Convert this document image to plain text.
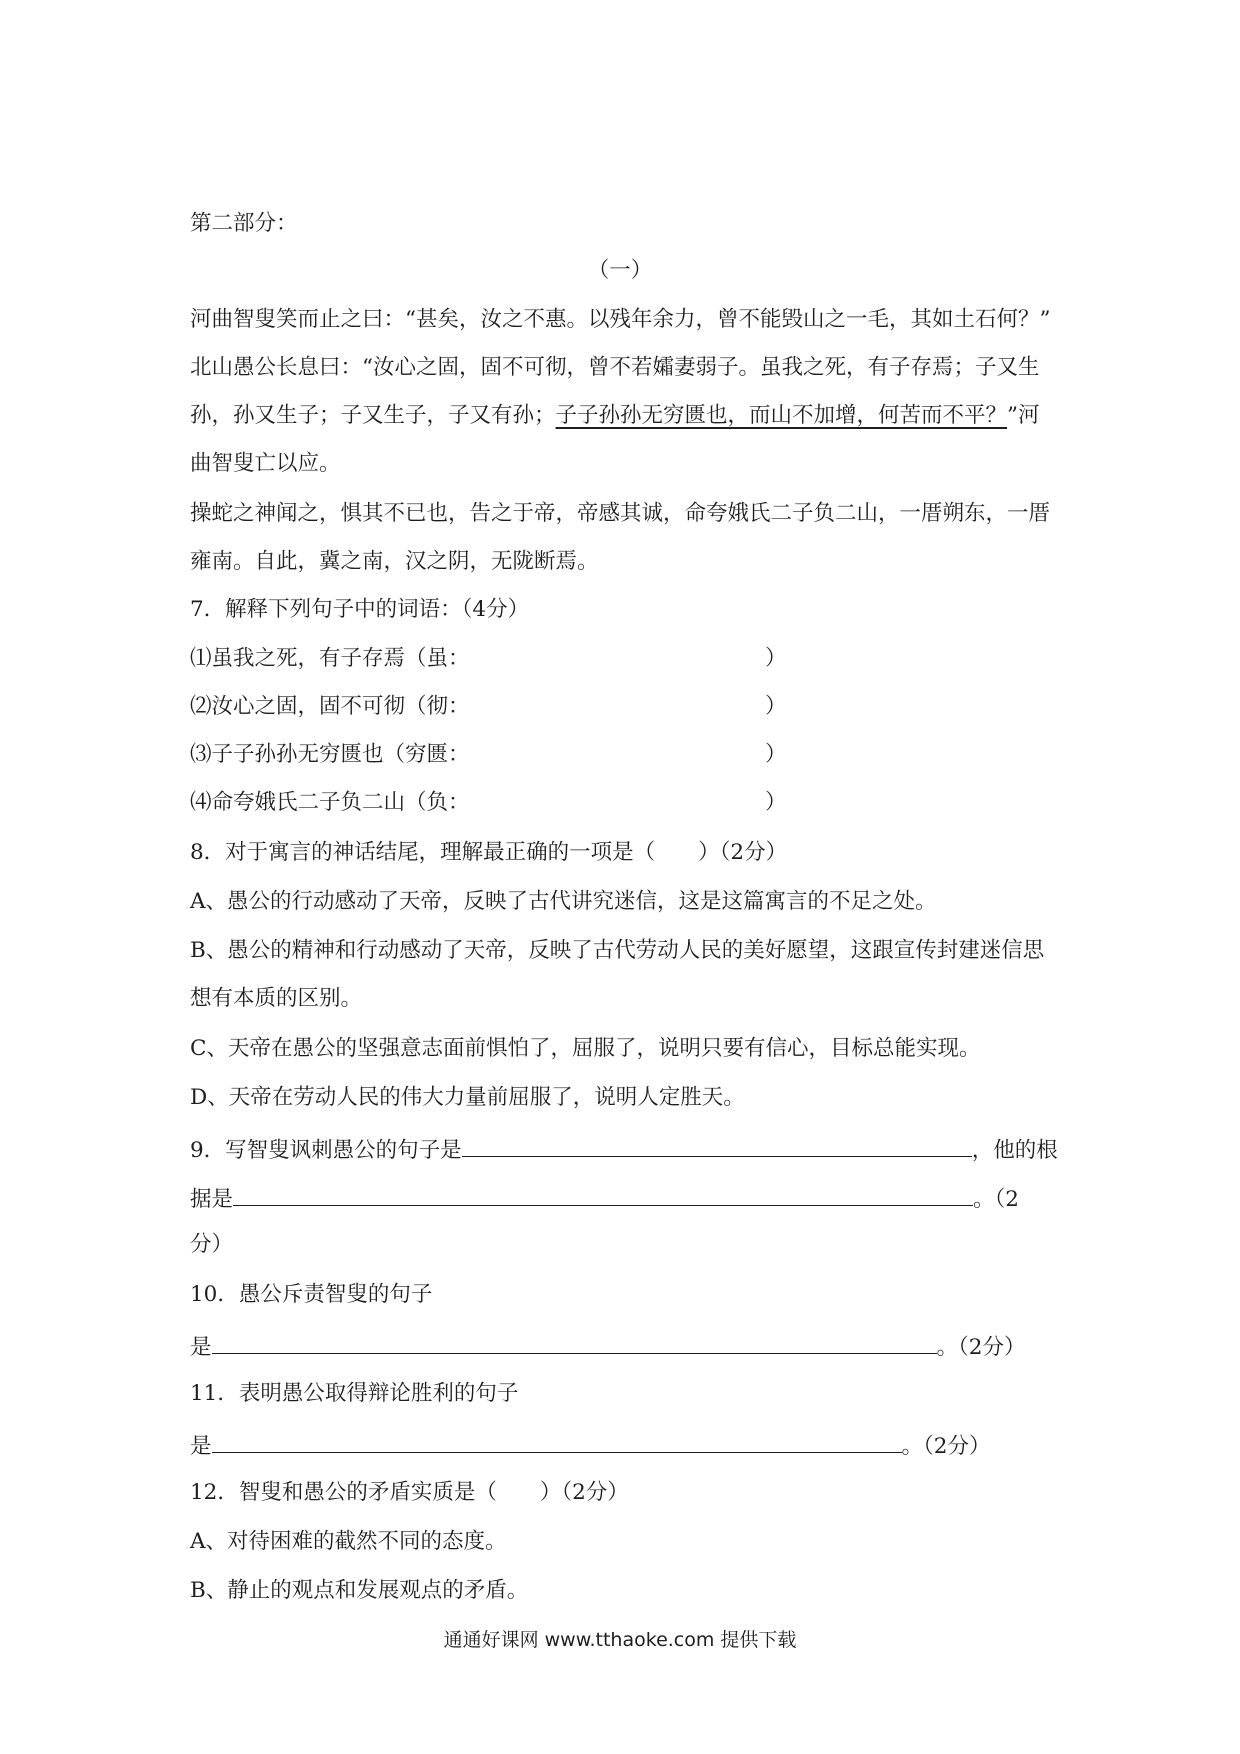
第二部分：
（一）
河曲智叟笑而止之曰：“甚矣，汝之不惠。以残年余力，曾不能毁山之一毛，其如土石何？”
北山愚公长息曰：“汝心之固，固不可彻，曾不若孀妻弱子。虽我之死，有子存焉；子又生
孙，孙又生子；子又生子，子又有孙；子子孙孙无穷匮也，而山不加增，何苦而不平？”河
曲智叟亡以应。
操蛇之神闻之，惧其不已也，告之于帝，帝感其诚，命夸娥氏二子负二山，一厝朔东，一厝
雍南。自此，冀之南，汉之阴，无陇断焉。
7．解释下列句子中的词语：（4分）
⑴虽我之死，有子存焉（虽：	）
⑵汝心之固，固不可彻（彻：	）
⑶子子孙孙无穷匮也（穷匮：	）
⑷命夸娥氏二子负二山（负：	）
8．对于寓言的神话结尾，理解最正确的一项是（　　）（2分）
A、愚公的行动感动了天帝，反映了古代讲究迷信，这是这篇寓言的不足之处。
B、愚公的精神和行动感动了天帝，反映了古代劳动人民的美好愿望，这跟宣传封建迷信思
想有本质的区别。
C、天帝在愚公的坚强意志面前惧怕了，屈服了，说明只要有信心，目标总能实现。
D、天帝在劳动人民的伟大力量前屈服了，说明人定胜天。
9．写智叟讽刺愚公的句子是	，他的根
据是	。（2
分）
10．愚公斥责智叟的句子
是	。（2分）
11．表明愚公取得辩论胜利的句子
是	。（2分）
12．智叟和愚公的矛盾实质是（　　）（2分）
A、对待困难的截然不同的态度。
B、静止的观点和发展观点的矛盾。
通通好课网 www.tthaoke.com 提供下载
